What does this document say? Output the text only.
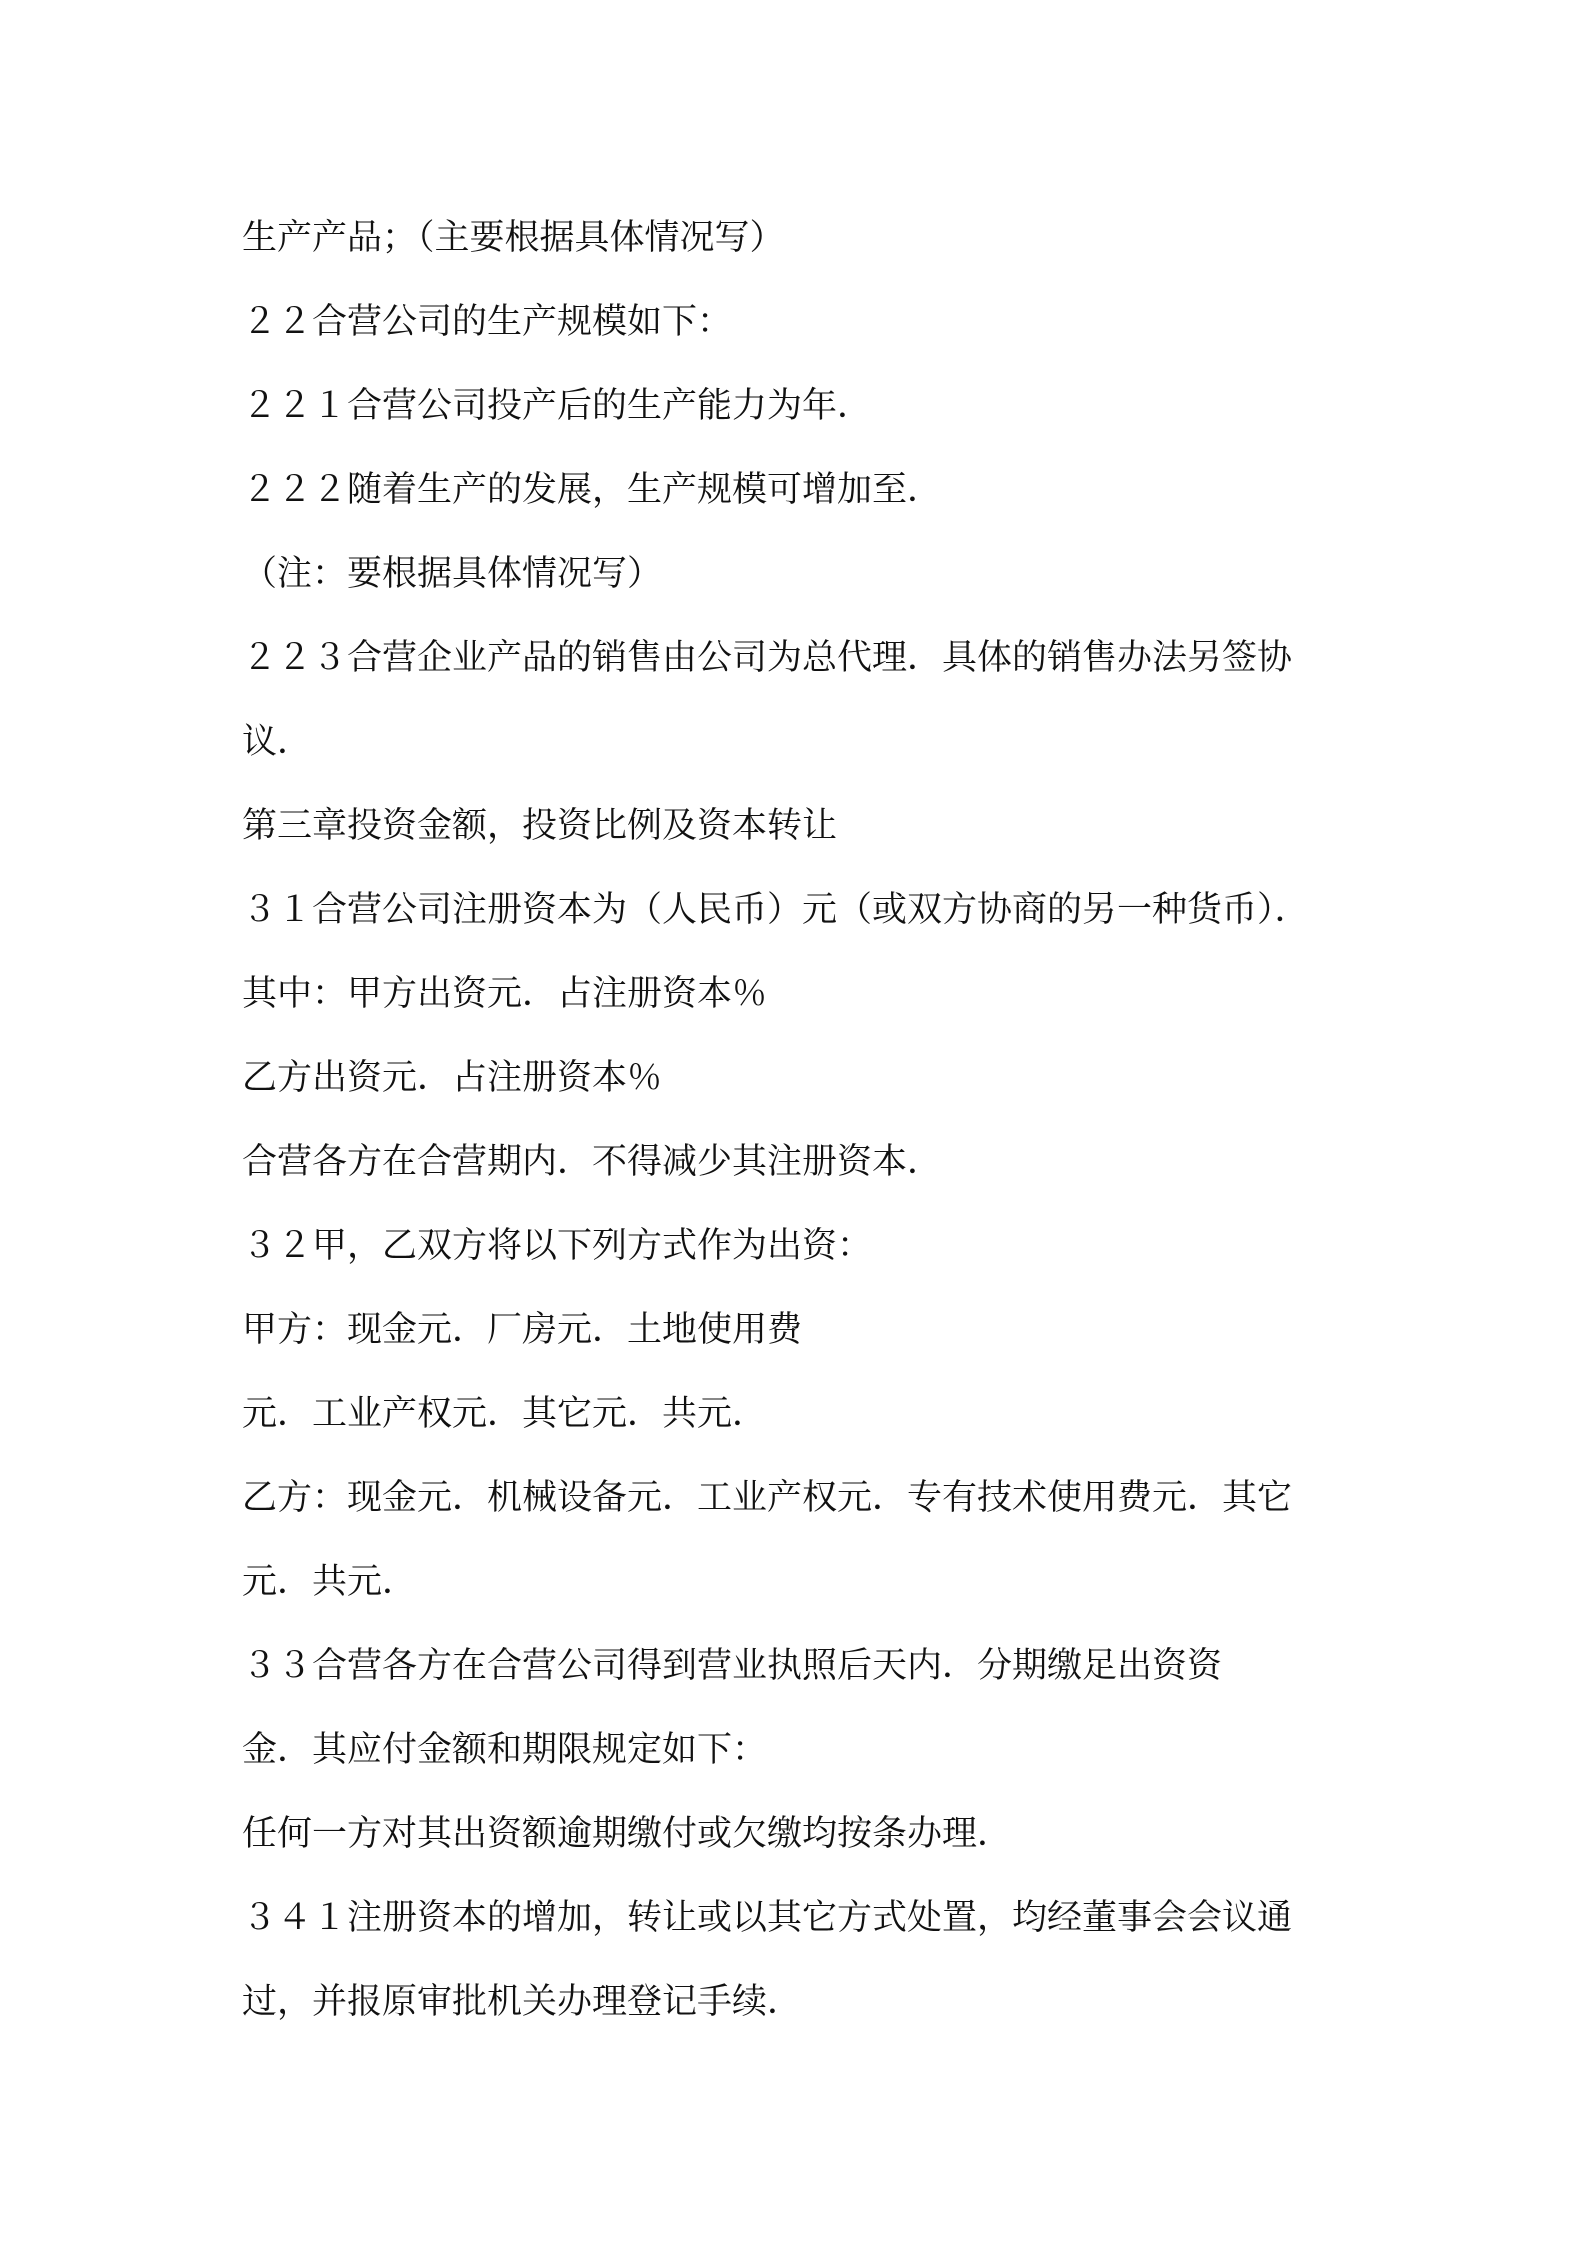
生产产品；（主要根据具体情况写）

２２合营公司的生产规模如下：

２２１合营公司投产后的生产能力为年．

２２２随着生产的发展，生产规模可增加至．

（注：要根据具体情况写）

２２３合营企业产品的销售由公司为总代理．具体的销售办法另签协

议．

第三章投资金额，投资比例及资本转让

３１合营公司注册资本为（人民币）元（或双方协商的另一种货币）．

其中：甲方出资元．占注册资本％

乙方出资元．占注册资本％

合营各方在合营期内．不得减少其注册资本．

３２甲，乙双方将以下列方式作为出资：

甲方：现金元．厂房元．土地使用费

元．工业产权元．其它元．共元．

乙方：现金元．机械设备元．工业产权元．专有技术使用费元．其它

元．共元．

３３合营各方在合营公司得到营业执照后天内．分期缴足出资资

金．其应付金额和期限规定如下：

任何一方对其出资额逾期缴付或欠缴均按条办理．

３４１注册资本的增加，转让或以其它方式处置，均经董事会会议通

过，并报原审批机关办理登记手续．
